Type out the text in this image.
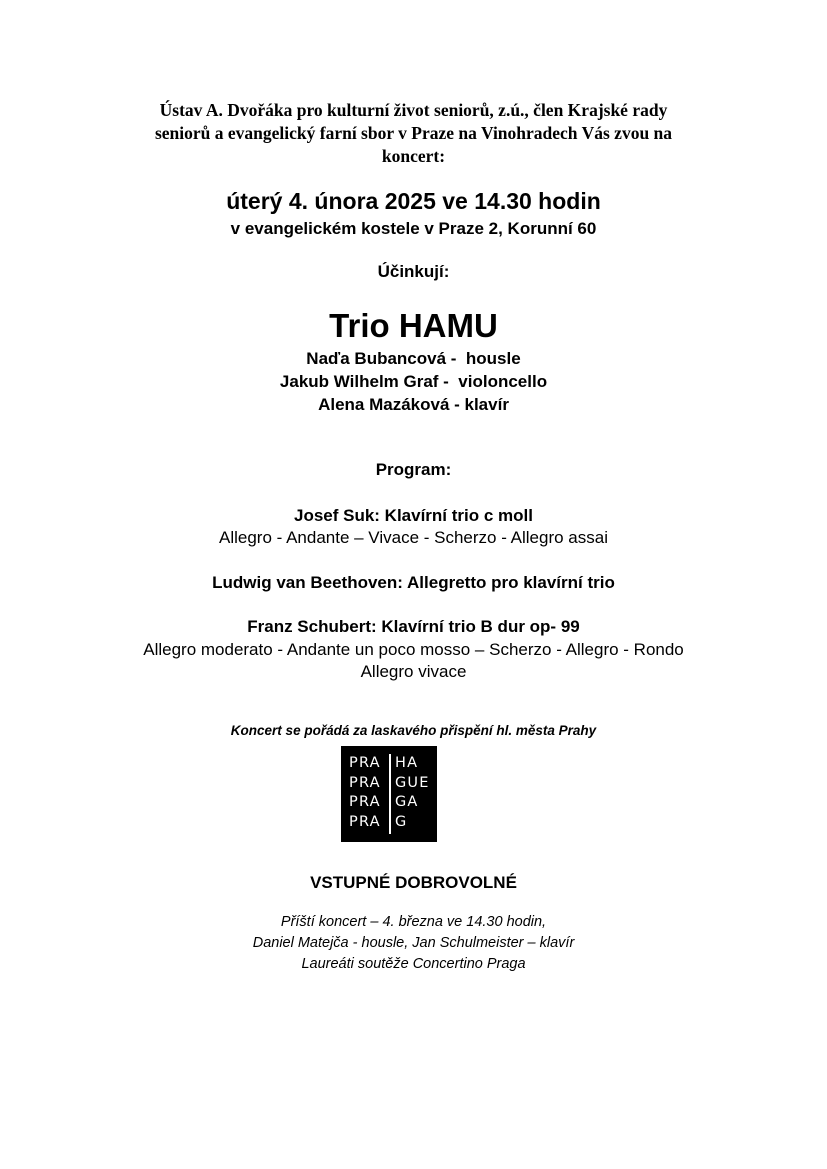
Ústav A. Dvořáka pro kulturní život seniorů, z.ú., člen Krajské rady
seniorů a evangelický farní sbor v Praze na Vinohradech Vás zvou na
koncert:
úterý 4. února 2025 ve 14.30 hodin
v evangelickém kostele v Praze 2, Korunní 60
Účinkují:
Trio HAMU
Naďa Bubancová -  housle
Jakub Wilhelm Graf -  violoncello
Alena Mazáková - klavír
Program:
Josef Suk: Klavírní trio c moll
Allegro - Andante – Vivace - Scherzo - Allegro assai
Ludwig van Beethoven: Allegretto pro klavírní trio
Franz Schubert: Klavírní trio B dur op- 99
Allegro moderato - Andante un poco mosso – Scherzo - Allegro - Rondo
Allegro vivace
Koncert se pořádá za laskavého přispění hl. města Prahy
PRA
PRA
PRA
PRA
HA
GUE
GA
G
VSTUPNÉ DOBROVOLNÉ
Příští koncert – 4. března ve 14.30 hodin,
Daniel Matejča - housle, Jan Schulmeister – klavír
Laureáti soutěže Concertino Praga
